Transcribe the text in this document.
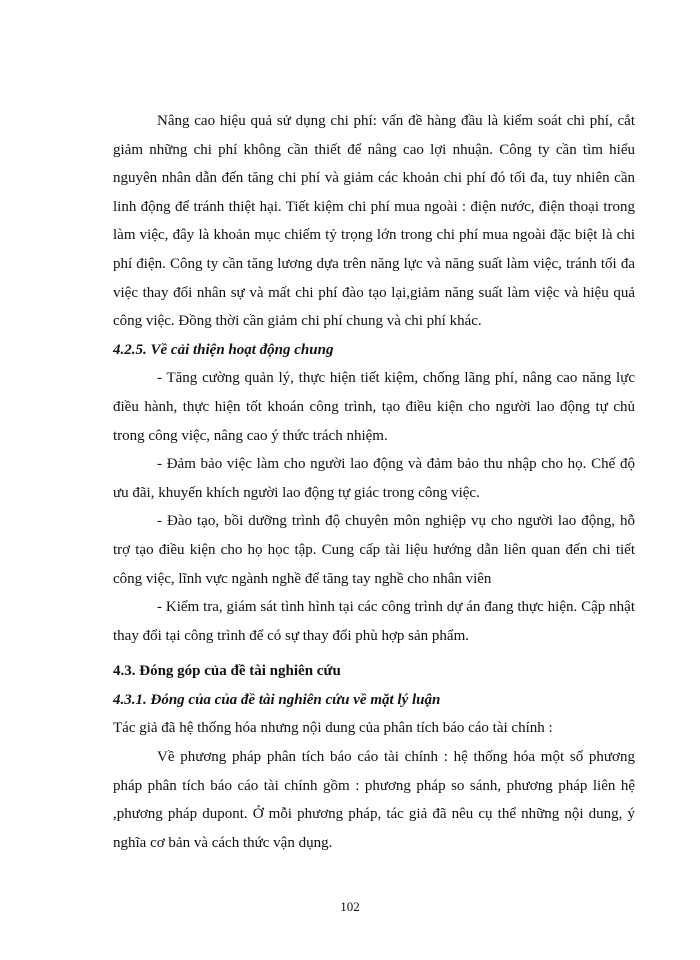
Nâng cao hiệu quả sử dụng chi phí: vấn đề hàng đầu là kiểm soát chi phí, cắt giảm những chi phí không cần thiết để nâng cao lợi nhuận. Công ty cần tìm hiểu nguyên nhân dẫn đến tăng chi phí và giảm các khoản chi phí đó tối đa, tuy nhiên cần linh động để tránh thiệt hại. Tiết kiệm chi phí mua ngoài : điện nước, điện thoại trong làm việc, đây là khoản mục chiếm tỷ trọng lớn trong chi phí mua ngoài đặc biệt là chi phí điện. Công ty cần tăng lương dựa trên năng lực và năng suất làm việc, tránh tối đa việc thay đổi nhân sự và mất chi phí đào tạo lại,giảm năng suất làm việc và hiệu quả công việc. Đồng thời cần giảm chi phí chung và chi phí khác.

4.2.5. Về cải thiện hoạt động chung

- Tăng cường quản lý, thực hiện tiết kiệm, chống lãng phí, nâng cao năng lực điều hành, thực hiện tốt khoán công trình, tạo điều kiện cho người lao động tự chủ trong công việc, nâng cao ý thức trách nhiệm.

- Đảm bảo việc làm cho người lao động và đảm bảo thu nhập cho họ. Chế độ ưu đãi, khuyến khích người lao động tự giác trong công việc.

- Đào tạo, bồi dưỡng trình độ chuyên môn nghiệp vụ cho người lao động, hỗ trợ tạo điều kiện cho họ học tập. Cung cấp tài liệu hướng dẫn liên quan đến chi tiết công việc, lĩnh vực ngành nghề để tăng tay nghề cho nhân viên

- Kiểm tra, giám sát tình hình tại các công trình dự án đang thực hiện. Cập nhật thay đổi tại công trình để có sự thay đổi phù hợp sản phẩm.

4.3. Đóng góp của đề tài nghiên cứu

4.3.1. Đóng của của đề tài nghiên cứu về mặt lý luận

Tác giả đã hệ thống hóa nhưng nội dung của phân tích báo cáo tài chính :

Về phương pháp phân tích báo cáo tài chính : hệ thống hóa một số phương pháp phân tích báo cáo tài chính gồm : phương pháp so sánh, phương pháp liên hệ ,phương pháp dupont. Ở mỗi phương pháp, tác giả đã nêu cụ thể những nội dung, ý nghĩa cơ bản và cách thức vận dụng.

102
